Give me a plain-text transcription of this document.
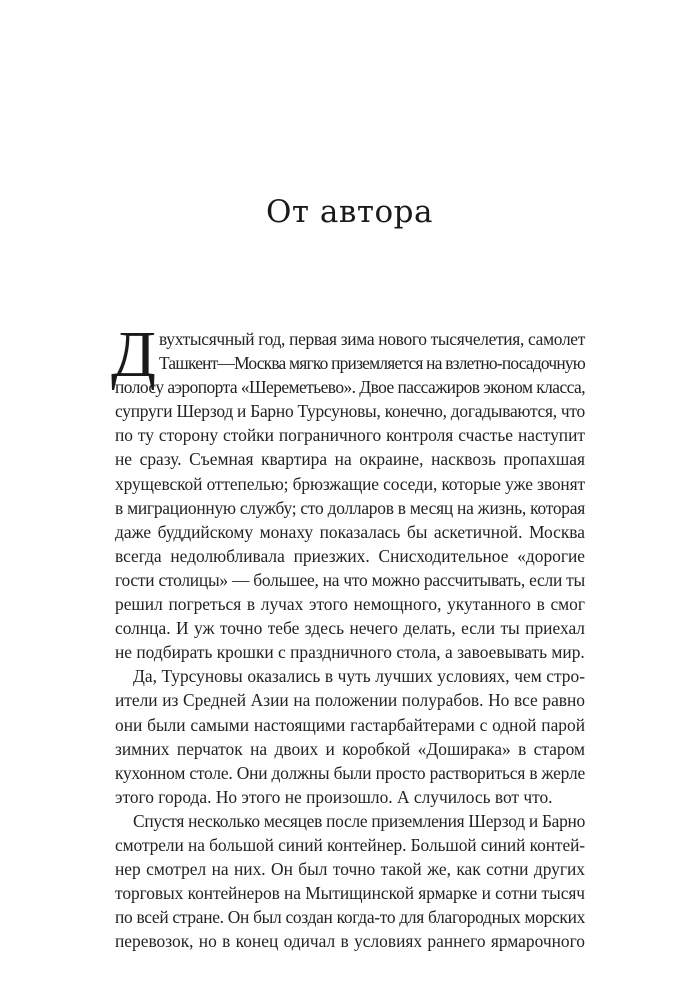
От автора
Д вухтысячный год, первая зима нового тысячелетия, самолет
Ташкент—Москва мягко приземляется на взлетно-посадочную
полосу аэропорта «Шереметьево». Двое пассажиров эконом класса,
супруги Шерзод и Барно Турсуновы, конечно, догадываются, что
по ту сторону стойки пограничного контроля счастье наступит
не сразу. Съемная квартира на окраине, насквозь пропахшая
хрущевской оттепелью; брюзжащие соседи, которые уже звонят
в миграционную службу; сто долларов в месяц на жизнь, которая
даже буддийскому монаху показалась бы аскетичной. Москва
всегда недолюбливала приезжих. Снисходительное «дорогие
гости столицы» — большее, на что можно рассчитывать, если ты
решил погреться в лучах этого немощного, укутанного в смог
солнца. И уж точно тебе здесь нечего делать, если ты приехал
не подбирать крошки с праздничного стола, а завоевывать мир.
Да, Турсуновы оказались в чуть лучших условиях, чем стро-
ители из Средней Азии на положении полурабов. Но все равно
они были самыми настоящими гастарбайтерами с одной парой
зимних перчаток на двоих и коробкой «Доширака» в старом
кухонном столе. Они должны были просто раствориться в жерле
этого города. Но этого не произошло. А случилось вот что.
Спустя несколько месяцев после приземления Шерзод и Барно
смотрели на большой синий контейнер. Большой синий контей-
нер смотрел на них. Он был точно такой же, как сотни других
торговых контейнеров на Мытищинской ярмарке и сотни тысяч
по всей стране. Он был создан когда-то для благородных морских
перевозок, но в конец одичал в условиях раннего ярмарочного
